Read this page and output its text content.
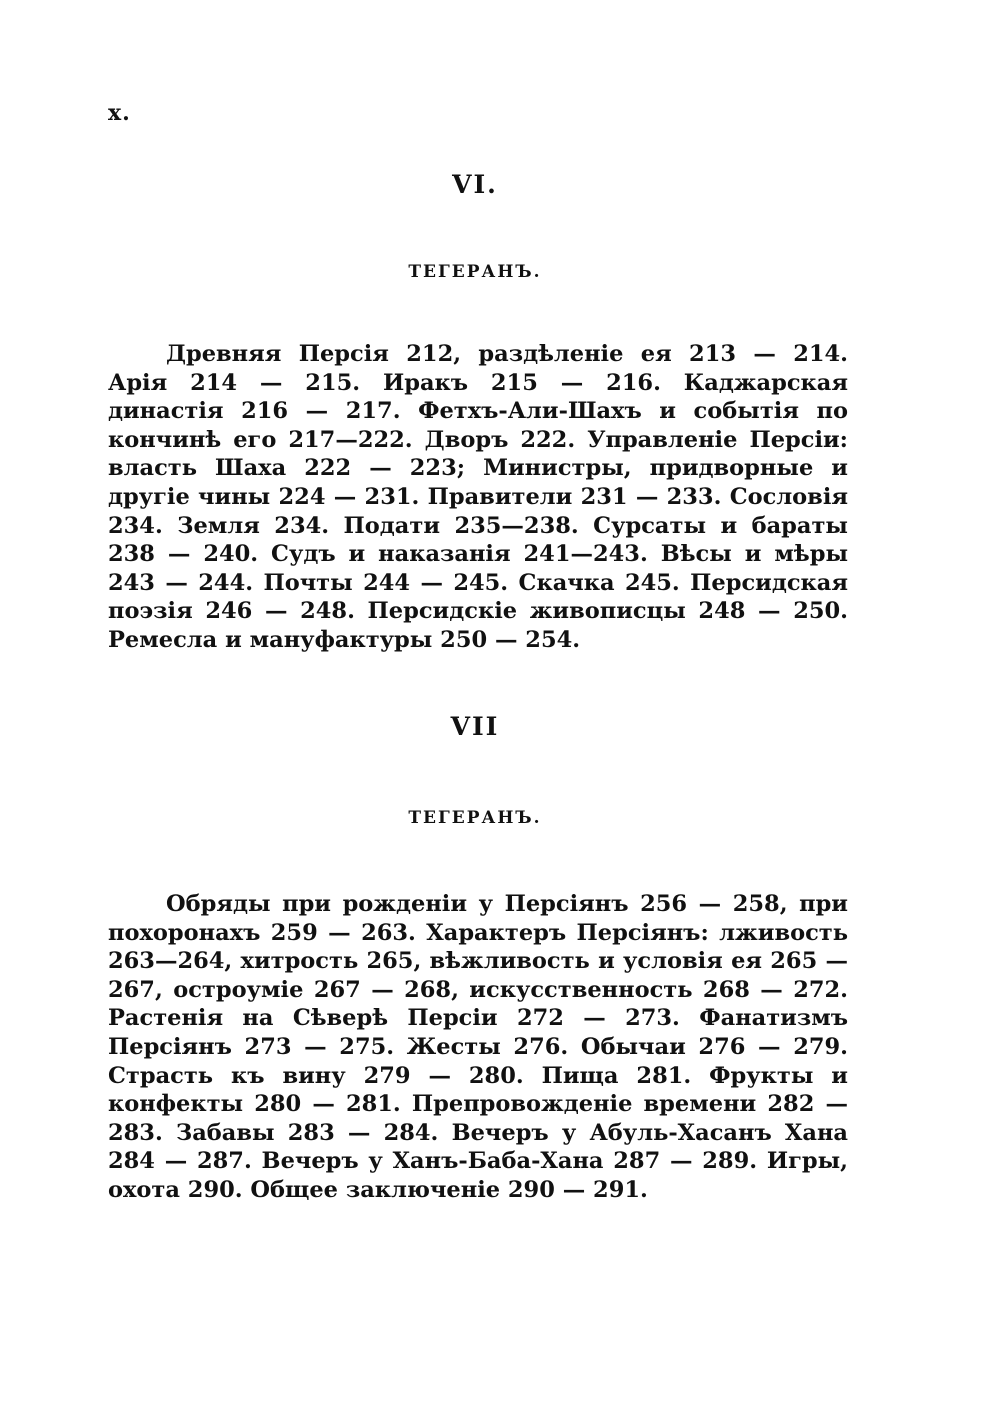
x.
VI.
ТЕГЕРАНЪ.

Древняя Персія 212, раздѣленіе ея 213 — 214. Арія 214 — 215. Иракъ 215 — 216. Каджарская династія 216 — 217. Фетхъ-Али-Шахъ и событія по кончинѣ его 217—222. Дворъ 222. Управленіе Персіи: власть Шаха 222 — 223; Министры, придворные и другіе чины 224 — 231. Правители 231 — 233. Сословія 234. Земля 234. Подати 235—238. Сурсаты и бараты 238 — 240. Судъ и наказанія 241—243. Вѣсы и мѣры 243 — 244. Почты 244 — 245. Скачка 245. Персидская поэзія 246 — 248. Персидскіе живописцы 248 — 250. Ремесла и мануфактуры 250 — 254.

VII
ТЕГЕРАНЪ.

Обряды при рожденіи у Персіянъ 256 — 258, при похоронахъ 259 — 263. Характеръ Персіянъ: лживость 263—264, хитрость 265, вѣжливость и условія ея 265 — 267, остроуміе 267 — 268, искусственность 268 — 272. Растенія на Сѣверѣ Персіи 272 — 273. Фанатизмъ Персіянъ 273 — 275. Жесты 276. Обычаи 276 — 279. Страсть къ вину 279 — 280. Пища 281. Фрукты и конфекты 280 — 281. Препровожденіе времени 282 — 283. Забавы 283 — 284. Вечеръ у Абуль-Хасанъ Хана 284 — 287. Вечеръ у Ханъ-Баба-Хана 287 — 289. Игры, охота 290. Общее заключеніе 290 — 291.
